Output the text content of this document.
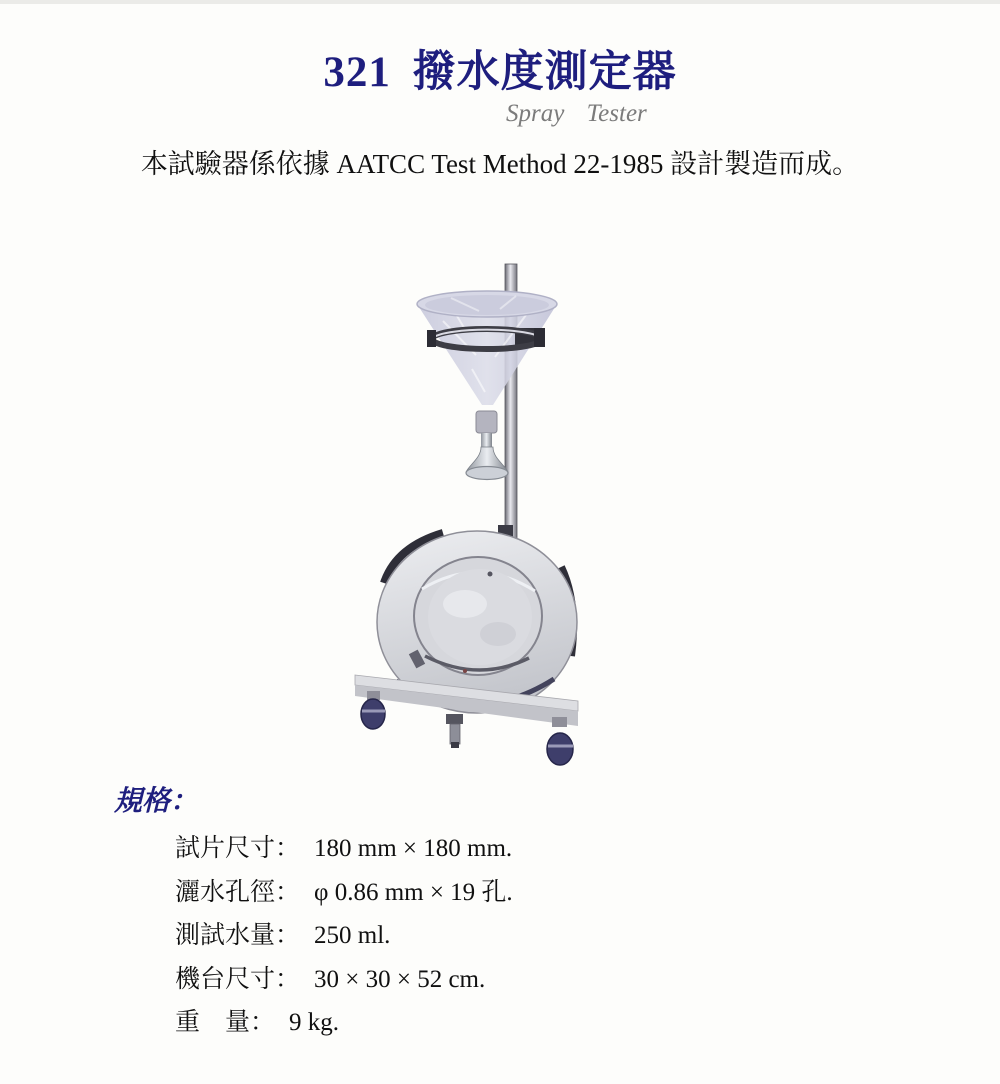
321 撥水度測定器
Spray Tester

本試驗器係依據 AATCC Test Method 22-1985 設計製造而成。

規格：
試片尺寸： 180 mm × 180 mm.
灑水孔徑： φ 0.86 mm × 19 孔.
測試水量： 250 ml.
機台尺寸： 30 × 30 × 52 cm.
重　量： 9 kg.
